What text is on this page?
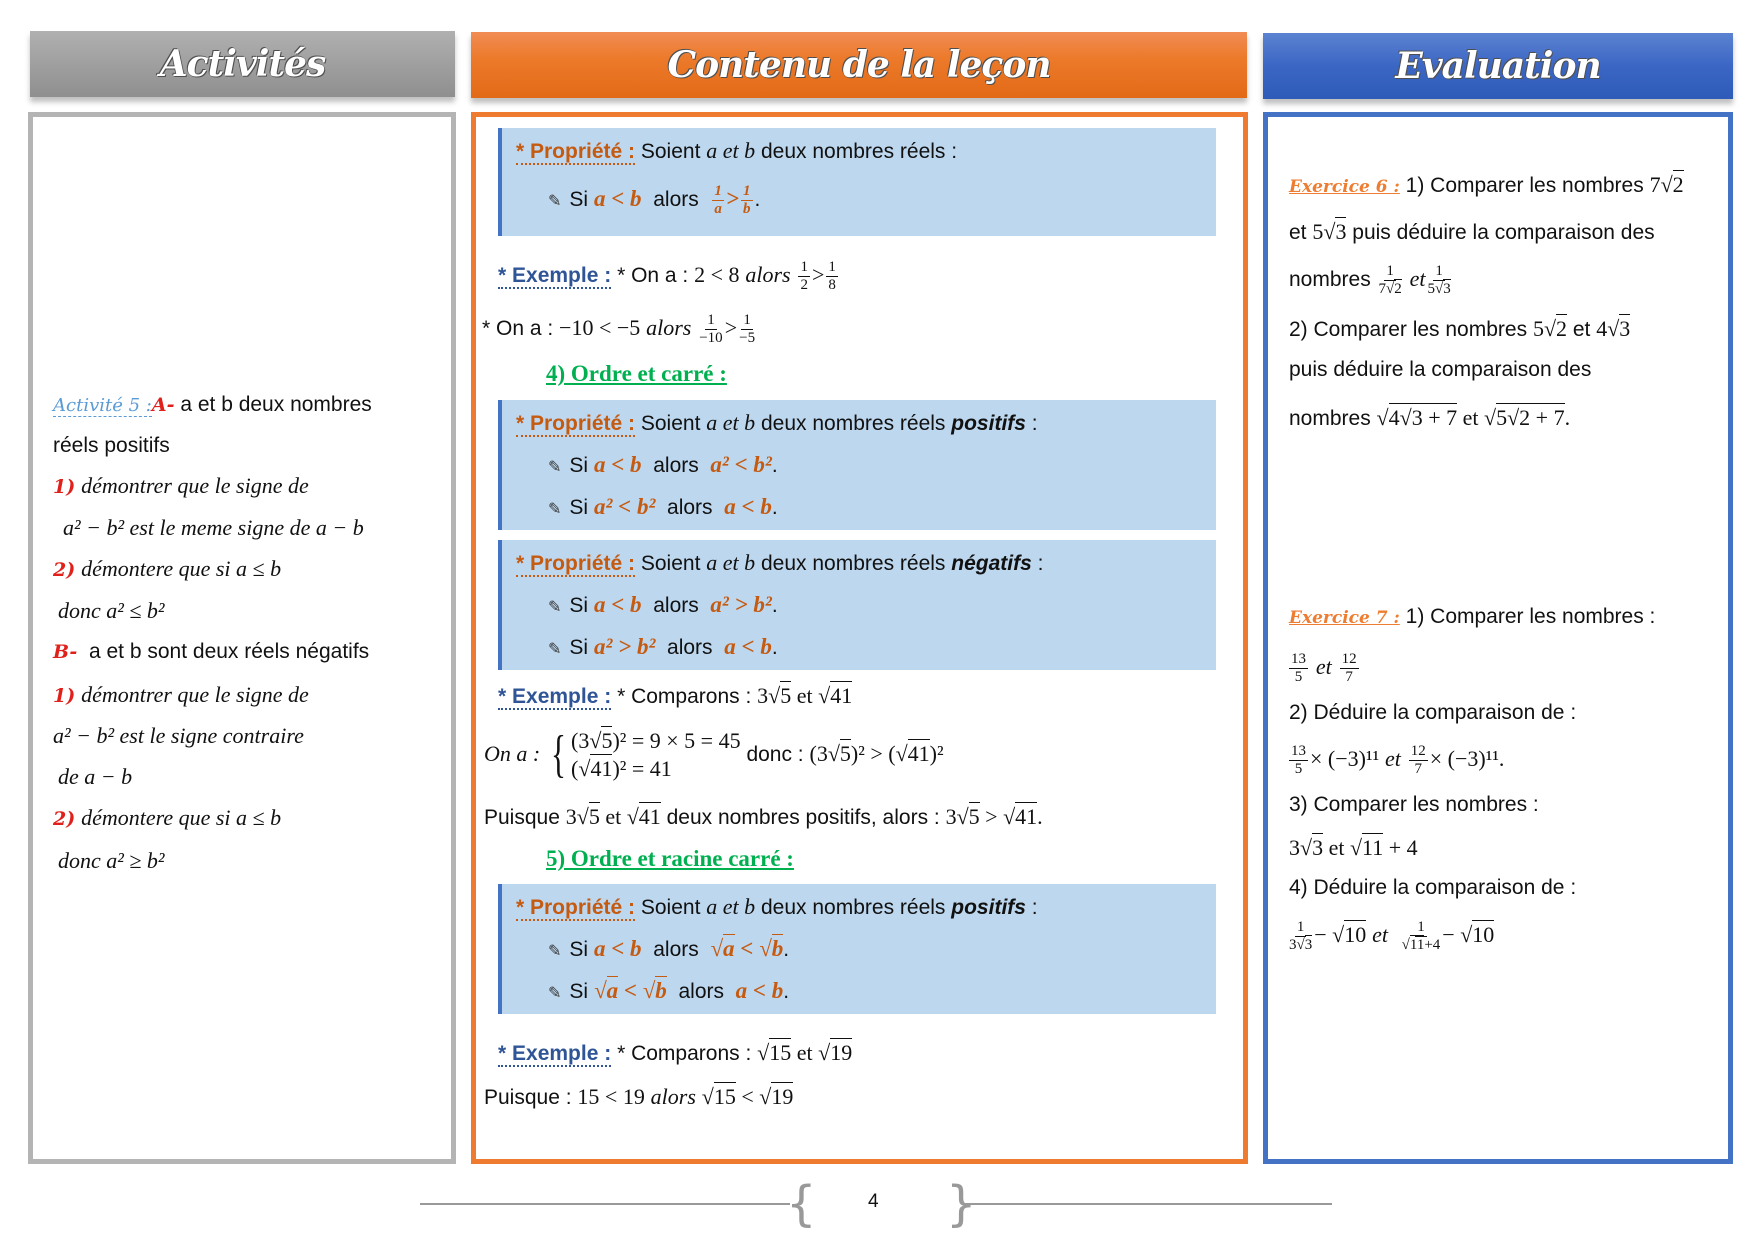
Activités	Contenu de la leçon	Evaluation
Activité 5 :A- a et b deux nombres
réels positifs
1) démontrer que le signe de
a² − b² est le meme signe de a − b
2) démontere que si a ≤ b
donc a² ≤ b²
B- a et b sont deux réels négatifs
1) démontrer que le signe de
a² − b² est le signe contraire
de a − b
2) démontere que si a ≤ b
donc a² ≥ b²
* Propriété : Soient a et b deux nombres réels :
✎ Si a < b alors $\frac{1}{a} > \frac{1}{b}$ .
* Exemple : * On a : 2 < 8 alors $\frac{1}{2} > \frac{1}{8}$
* On a : −10 < −5 alors $\frac{1}{-10} > \frac{1}{-5}$
4) Ordre et carré :
* Propriété : Soient a et b deux nombres réels positifs :
✎ Si a < b alors a² < b².
✎ Si a² < b² alors a < b.
* Propriété : Soient a et b deux nombres réels négatifs :
✎ Si a < b alors a² > b².
✎ Si a² > b² alors a < b.
* Exemple : * Comparons : 3√5 et √41
On a : { (3√5)² = 9 × 5 = 45
(√41)² = 41
donc : (3√5)² > (√41)²
Puisque 3√5 et √41 deux nombres positifs, alors : 3√5 > √41.
5) Ordre et racine carré :
* Propriété : Soient a et b deux nombres réels positifs :
✎ Si a < b alors √a < √b.
✎ Si √a < √b alors a < b.
* Exemple : * Comparons : √15 et √19
Puisque : 15 < 19 alors √15 < √19
Exercice 6 : 1) Comparer les nombres 7√2
et 5√3 puis déduire la comparaison des
nombres $\frac{1}{7√2}$ et $\frac{1}{5√3}$
2) Comparer les nombres 5√2 et 4√3
puis déduire la comparaison des
nombres √4√3 + 7 et √5√2 + 7.
Exercice 7 : 1) Comparer les nombres :
$\frac{13}{5}$ et $\frac{12}{7}$
2) Déduire la comparaison de :
$\frac{13}{5} \times (-3)^{11}$ et $\frac{12}{7} \times (-3)^{11}$.
3) Comparer les nombres :
3√3 et √11 + 4
4) Déduire la comparaison de :
$\frac{1}{3√3} - √10$ et $\frac{1}{√11+4} - √10$
{	}
4
